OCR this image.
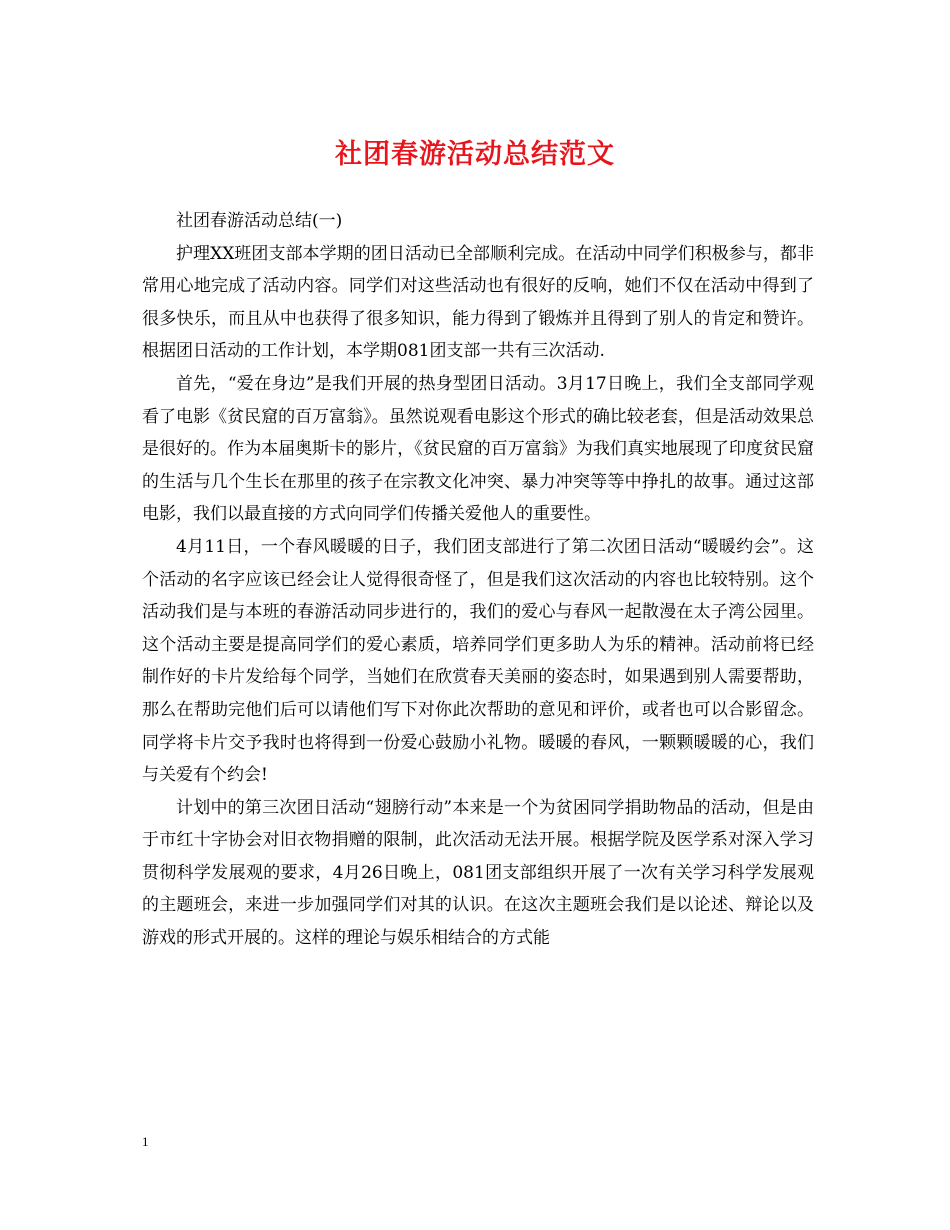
社团春游活动总结范文

社团春游活动总结(一)

护理XX班团支部本学期的团日活动已全部顺利完成。在活动中同学们积极参与，都非常用心地完成了活动内容。同学们对这些活动也有很好的反响，她们不仅在活动中得到了很多快乐，而且从中也获得了很多知识，能力得到了锻炼并且得到了别人的肯定和赞许。根据团日活动的工作计划，本学期081团支部一共有三次活动.

首先，“爱在身边”是我们开展的热身型团日活动。3月17日晚上，我们全支部同学观看了电影《贫民窟的百万富翁》。虽然说观看电影这个形式的确比较老套，但是活动效果总是很好的。作为本届奥斯卡的影片，《贫民窟的百万富翁》为我们真实地展现了印度贫民窟的生活与几个生长在那里的孩子在宗教文化冲突、暴力冲突等等中挣扎的故事。通过这部电影，我们以最直接的方式向同学们传播关爱他人的重要性。

4月11日，一个春风暖暖的日子，我们团支部进行了第二次团日活动“暖暖约会”。这个活动的名字应该已经会让人觉得很奇怪了，但是我们这次活动的内容也比较特别。这个活动我们是与本班的春游活动同步进行的，我们的爱心与春风一起散漫在太子湾公园里。这个活动主要是提高同学们的爱心素质，培养同学们更多助人为乐的精神。活动前将已经制作好的卡片发给每个同学，当她们在欣赏春天美丽的姿态时，如果遇到别人需要帮助，那么在帮助完他们后可以请他们写下对你此次帮助的意见和评价，或者也可以合影留念。同学将卡片交予我时也将得到一份爱心鼓励小礼物。暖暖的春风，一颗颗暖暖的心，我们与关爱有个约会!

计划中的第三次团日活动“翅膀行动”本来是一个为贫困同学捐助物品的活动，但是由于市红十字协会对旧衣物捐赠的限制，此次活动无法开展。根据学院及医学系对深入学习贯彻科学发展观的要求，4月26日晚上，081团支部组织开展了一次有关学习科学发展观的主题班会，来进一步加强同学们对其的认识。在这次主题班会我们是以论述、辩论以及游戏的形式开展的。这样的理论与娱乐相结合的方式能

1
